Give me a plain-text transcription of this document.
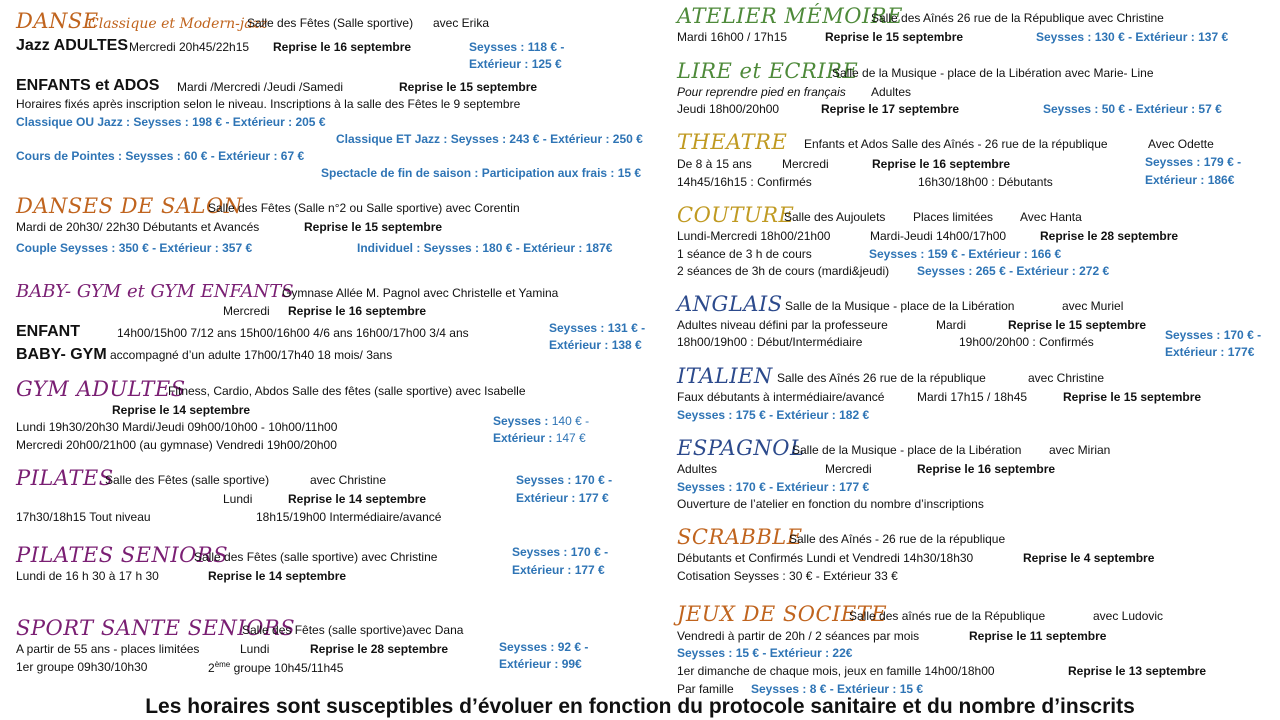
DANSE
Classique et Modern-jazz
Salle des Fêtes (Salle sportive) avec Erika
Jazz ADULTES Mercredi 20h45/22h15 Reprise le 16 septembre	Seysses : 118 € -
Extérieur : 125 €
ENFANTS et ADOS Mardi /Mercredi /Jeudi /Samedi	Reprise le 15 septembre
Horaires fixés après inscription selon le niveau. Inscriptions à la salle des Fêtes le 9 septembre
Classique OU Jazz : Seysses : 198 € - Extérieur : 205 €
Classique ET Jazz : Seysses : 243 € - Extérieur : 250 €
Cours de Pointes : Seysses : 60 € - Extérieur : 67 €
Spectacle de fin de saison : Participation aux frais : 15 €
DANSES DE SALON
Salle des Fêtes (Salle n°2 ou Salle sportive) avec Corentin
Mardi de 20h30/ 22h30 Débutants et Avancés	Reprise le 15 septembre
Couple Seysses : 350 € - Extérieur : 357 €	Individuel : Seysses : 180 € - Extérieur : 187€
BABY- GYM et GYM ENFANTS
Gymnase Allée M. Pagnol avec Christelle et Yamina
Mercredi Reprise le 16 septembre
ENFANT	14h00/15h00 7/12 ans 15h00/16h00 4/6 ans 16h00/17h00 3/4 ans
BABY- GYM accompagné d’un adulte 17h00/17h40 18 mois/ 3ans
Seysses : 131 € -
Extérieur : 138 €
GYM ADULTES
Fitness, Cardio, Abdos Salle des fêtes (salle sportive) avec Isabelle
Reprise le 14 septembre
Lundi 19h30/20h30 Mardi/Jeudi 09h00/10h00 - 10h00/11h00
Mercredi 20h00/21h00 (au gymnase) Vendredi 19h00/20h00
Seysses : 140 € -
Extérieur : 147 €
PILATES
Salle des Fêtes (salle sportive)	avec Christine
Lundi	Reprise le 14 septembre
17h30/18h15 Tout niveau	18h15/19h00 Intermédiaire/avancé
Seysses : 170 € -
Extérieur : 177 €
PILATES SENIORS
Salle des Fêtes (salle sportive) avec Christine
Lundi de 16 h 30 à 17 h 30	Reprise le 14 septembre
Seysses : 170 € -
Extérieur : 177 €
SPORT SANTE SENIORS
Salle des Fêtes (salle sportive)avec Dana
A partir de 55 ans - places limitées	Lundi	Reprise le 28 septembre
1er groupe 09h30/10h30	2ème groupe 10h45/11h45
Seysses : 92 € -
Extérieur : 99€
ATELIER MÉMOIRE
Salle des Aînés 26 rue de la République avec Christine
Mardi 16h00 / 17h15	Reprise le 15 septembre	Seysses : 130 € - Extérieur : 137 €
LIRE et ECRIRE
Salle de la Musique - place de la Libération avec Marie- Line
Pour reprendre pied en français Adultes
Jeudi 18h00/20h00	Reprise le 17 septembre	Seysses : 50 € - Extérieur : 57 €
THEATRE Enfants et Ados Salle des Aînés - 26 rue de la république	Avec Odette
De 8 à 15 ans	Mercredi	Reprise le 16 septembre
14h45/16h15 : Confirmés	16h30/18h00 : Débutants
Seysses : 179 € -
Extérieur : 186€
COUTURE
Salle des Aujoulets Places limitées Avec Hanta
Lundi-Mercredi 18h00/21h00	Mardi-Jeudi 14h00/17h00	Reprise le 28 septembre
1 séance de 3 h de cours	Seysses : 159 € - Extérieur : 166 €
2 séances de 3h de cours (mardi&jeudi) Seysses : 265 € - Extérieur : 272 €
ANGLAIS Salle de la Musique - place de la Libération	avec Muriel
Adultes niveau défini par la professeure	Mardi	Reprise le 15 septembre
18h00/19h00 : Début/Intermédiaire	19h00/20h00 : Confirmés	Seysses : 170 € -
Extérieur : 177€
ITALIEN Salle des Aînés 26 rue de la république	avec Christine
Faux débutants à intermédiaire/avancé	Mardi 17h15 / 18h45	Reprise le 15 septembre
Seysses : 175 € - Extérieur : 182 €
ESPAGNOL
Salle de la Musique - place de la Libération avec Mirian
Adultes	Mercredi	Reprise le 16 septembre
Seysses : 170 € - Extérieur : 177 €
Ouverture de l’atelier en fonction du nombre d’inscriptions
SCRABBLE
Salle des Aînés - 26 rue de la république
Débutants et Confirmés Lundi et Vendredi 14h30/18h30	Reprise le 4 septembre
Cotisation Seysses : 30 € - Extérieur 33 €
JEUX DE SOCIETE
Salle des aînés rue de la République	avec Ludovic
Vendredi à partir de 20h / 2 séances par mois	Reprise le 11 septembre
Seysses : 15 € - Extérieur : 22€
1er dimanche de chaque mois, jeux en famille 14h00/18h00	Reprise le 13 septembre
Par famille Seysses : 8 € - Extérieur : 15 €
Les horaires sont susceptibles d’évoluer en fonction du protocole sanitaire et du nombre d’inscrits
